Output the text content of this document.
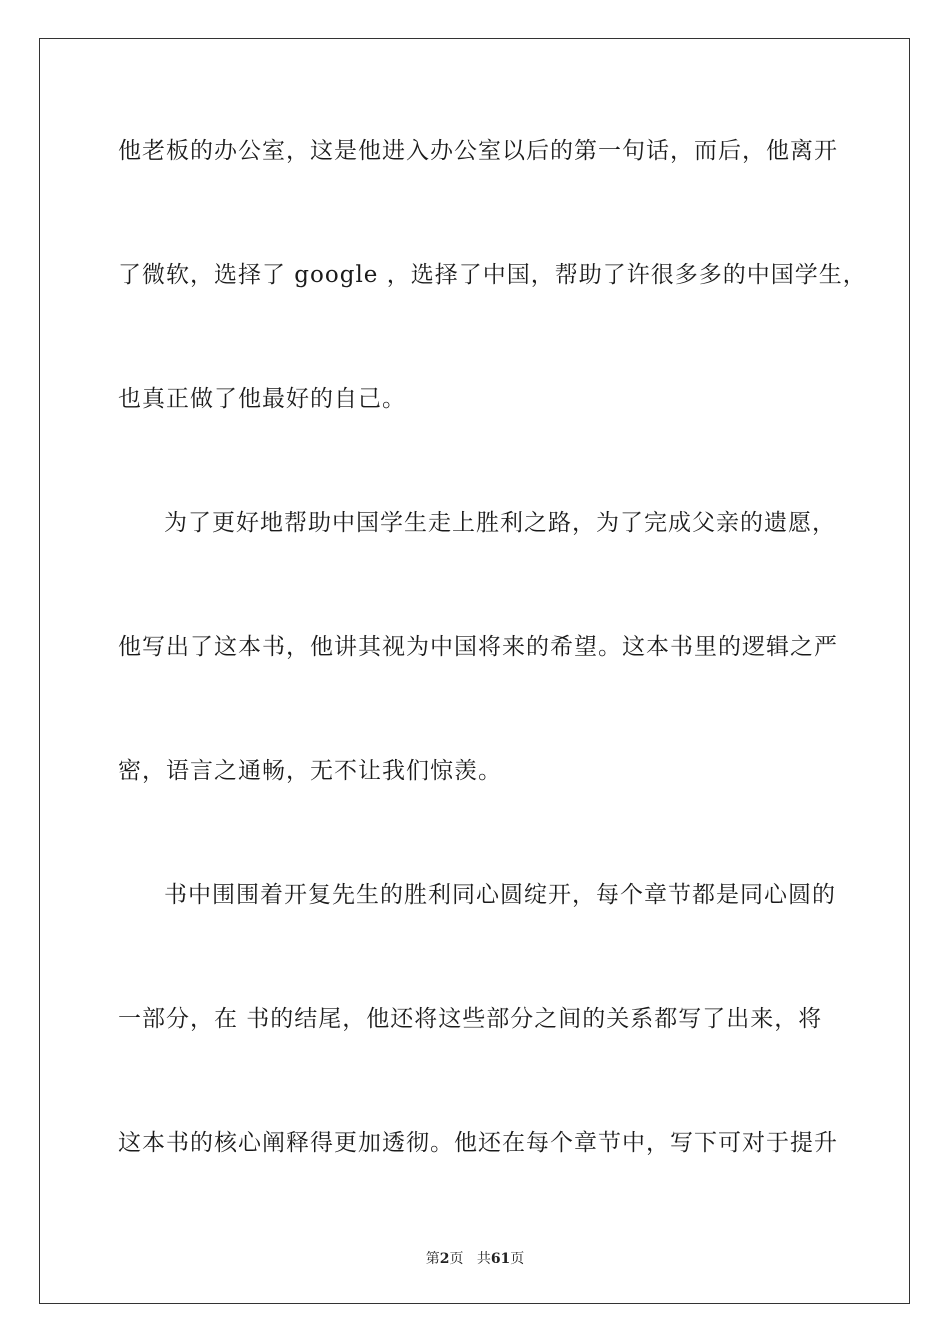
他老板的办公室，这是他进入办公室以后的第一句话，而后，他离开
了微软，选择了 google ，选择了中国，帮助了许很多多的中国学生，
也真正做了他最好的自己。
为了更好地帮助中国学生走上胜利之路，为了完成父亲的遗愿，
他写出了这本书，他讲其视为中国将来的希望。这本书里的逻辑之严
密，语言之通畅，无不让我们惊羡。
书中围围着开复先生的胜利同心圆绽开，每个章节都是同心圆的
一部分，在 书的结尾，他还将这些部分之间的关系都写了出来，将
这本书的核心阐释得更加透彻。他还在每个章节中，写下可对于提升
第2页 共61页
